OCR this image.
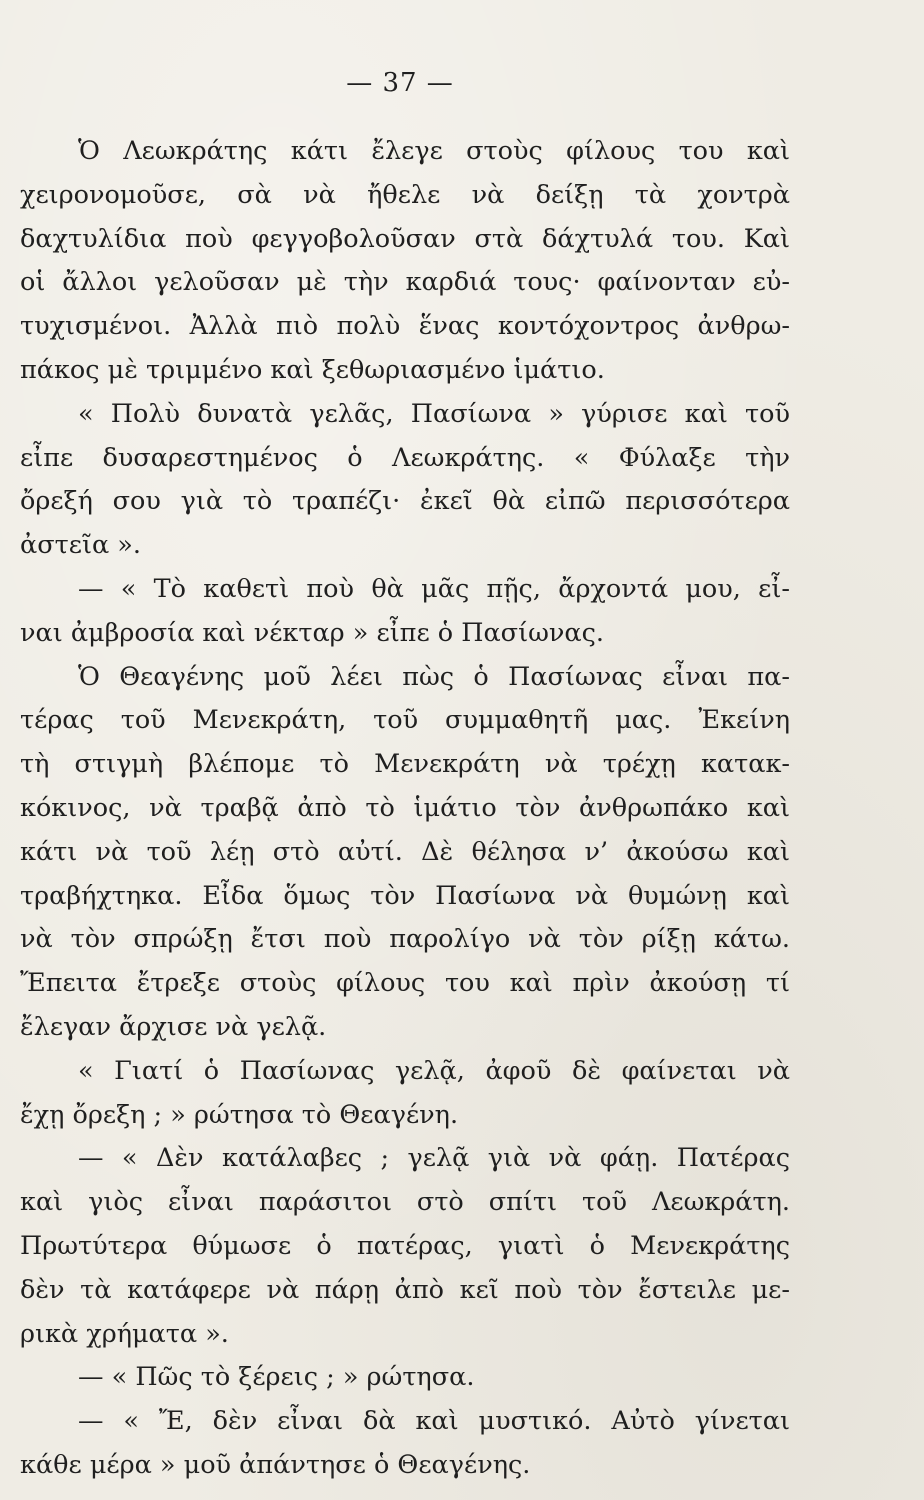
— 37 —
Ὁ Λεωκράτης κάτι ἔλεγε στοὺς φίλους του καὶ
χειρονομοῦσε, σὰ νὰ ἤθελε νὰ δείξῃ τὰ χοντρὰ
δαχτυλίδια ποὺ φεγγοβολοῦσαν στὰ δάχτυλά του. Καὶ
οἱ ἄλλοι γελοῦσαν μὲ τὴν καρδιά τους· φαίνονταν εὐ-
τυχισμένοι. Ἀλλὰ πιὸ πολὺ ἕνας κοντόχοντρος ἀνθρω-
πάκος μὲ τριμμένο καὶ ξεθωριασμένο ἱμάτιο.
« Πολὺ δυνατὰ γελᾶς, Πασίωνα » γύρισε καὶ τοῦ
εἶπε δυσαρεστημένος ὁ Λεωκράτης. « Φύλαξε τὴν
ὄρεξή σου γιὰ τὸ τραπέζι· ἐκεῖ θὰ εἰπῶ περισσότερα
ἀστεῖα ».
— « Τὸ καθετὶ ποὺ θὰ μᾶς πῇς, ἄρχοντά μου, εἶ-
ναι ἀμβροσία καὶ νέκταρ » εἶπε ὁ Πασίωνας.
Ὁ Θεαγένης μοῦ λέει πὼς ὁ Πασίωνας εἶναι πα-
τέρας τοῦ Μενεκράτη, τοῦ συμμαθητῆ μας. Ἐκείνη
τὴ στιγμὴ βλέπομε τὸ Μενεκράτη νὰ τρέχῃ κατακ-
κόκινος, νὰ τραβᾷ ἀπὸ τὸ ἱμάτιο τὸν ἀνθρωπάκο καὶ
κάτι νὰ τοῦ λέῃ στὸ αὐτί. Δὲ θέλησα ν’ ἀκούσω καὶ
τραβήχτηκα. Εἶδα ὅμως τὸν Πασίωνα νὰ θυμώνῃ καὶ
νὰ τὸν σπρώξῃ ἔτσι ποὺ παρολίγο νὰ τὸν ρίξῃ κάτω.
Ἔπειτα ἔτρεξε στοὺς φίλους του καὶ πρὶν ἀκούσῃ τί
ἔλεγαν ἄρχισε νὰ γελᾷ.
« Γιατί ὁ Πασίωνας γελᾷ, ἀφοῦ δὲ φαίνεται νὰ
ἔχῃ ὄρεξη ; » ρώτησα τὸ Θεαγένη.
— « Δὲν κατάλαβες ; γελᾷ γιὰ νὰ φάῃ. Πατέρας
καὶ γιὸς εἶναι παράσιτοι στὸ σπίτι τοῦ Λεωκράτη.
Πρωτύτερα θύμωσε ὁ πατέρας, γιατὶ ὁ Μενεκράτης
δὲν τὰ κατάφερε νὰ πάρῃ ἀπὸ κεῖ ποὺ τὸν ἔστειλε με-
ρικὰ χρήματα ».
— « Πῶς τὸ ξέρεις ; » ρώτησα.
— « Ἔ, δὲν εἶναι δὰ καὶ μυστικό. Αὐτὸ γίνεται
κάθε μέρα » μοῦ ἀπάντησε ὁ Θεαγένης.
